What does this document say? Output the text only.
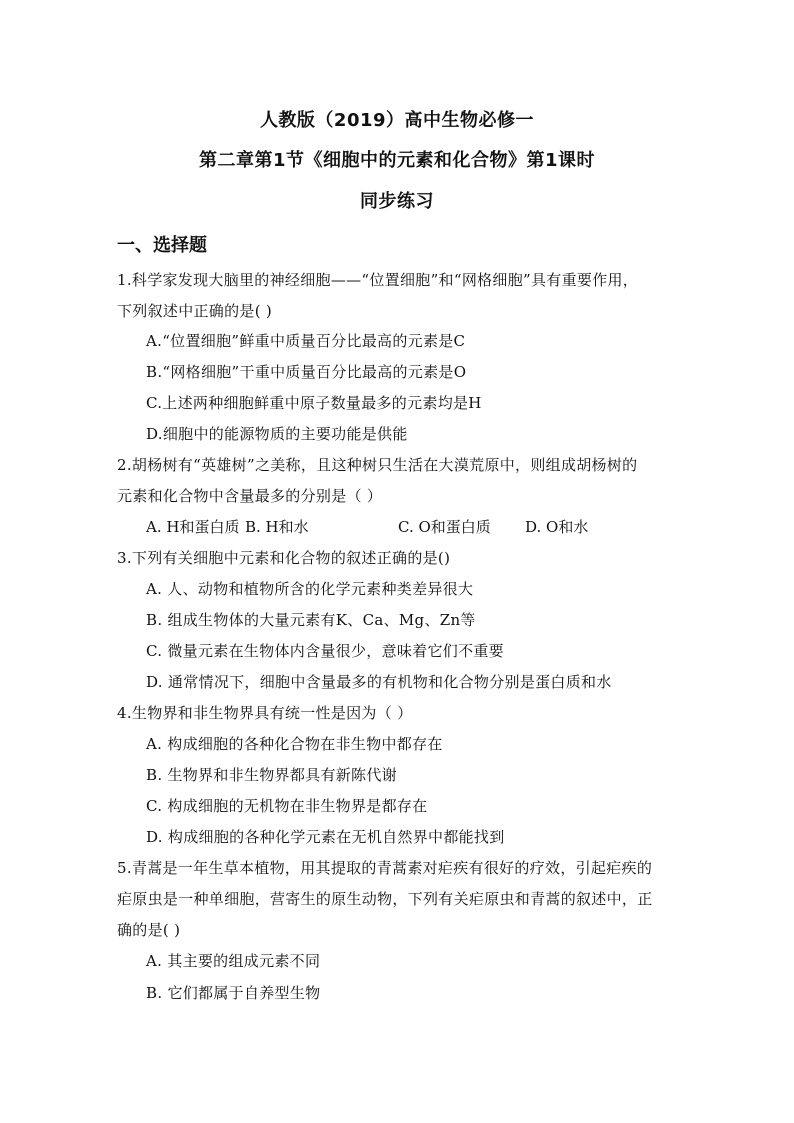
人教版（2019）高中生物必修一
第二章第1节《细胞中的元素和化合物》第1课时
同步练习
一、选择题
1.科学家发现大脑里的神经细胞——“位置细胞”和“网格细胞”具有重要作用，
下列叙述中正确的是( )
A.“位置细胞”鲜重中质量百分比最高的元素是C
B.“网格细胞”干重中质量百分比最高的元素是O
C.上述两种细胞鲜重中原子数量最多的元素均是H
D.细胞中的能源物质的主要功能是供能
2.胡杨树有“英雄树”之美称，且这种树只生活在大漠荒原中，则组成胡杨树的
元素和化合物中含量最多的分别是（ ）
A. H和蛋白质 B. H和水	C. O和蛋白质 D. O和水
3.下列有关细胞中元素和化合物的叙述正确的是()
A. 人、动物和植物所含的化学元素种类差异很大
B. 组成生物体的大量元素有K、Ca、Mg、Zn等
C. 微量元素在生物体内含量很少，意味着它们不重要
D. 通常情况下，细胞中含量最多的有机物和化合物分别是蛋白质和水
4.生物界和非生物界具有统一性是因为（ ）
A. 构成细胞的各种化合物在非生物中都存在
B. 生物界和非生物界都具有新陈代谢
C. 构成细胞的无机物在非生物界是都存在
D. 构成细胞的各种化学元素在无机自然界中都能找到
5.青蒿是一年生草本植物，用其提取的青蒿素对疟疾有很好的疗效，引起疟疾的
疟原虫是一种单细胞，营寄生的原生动物，下列有关疟原虫和青蒿的叙述中，正
确的是( )
A. 其主要的组成元素不同
B. 它们都属于自养型生物
